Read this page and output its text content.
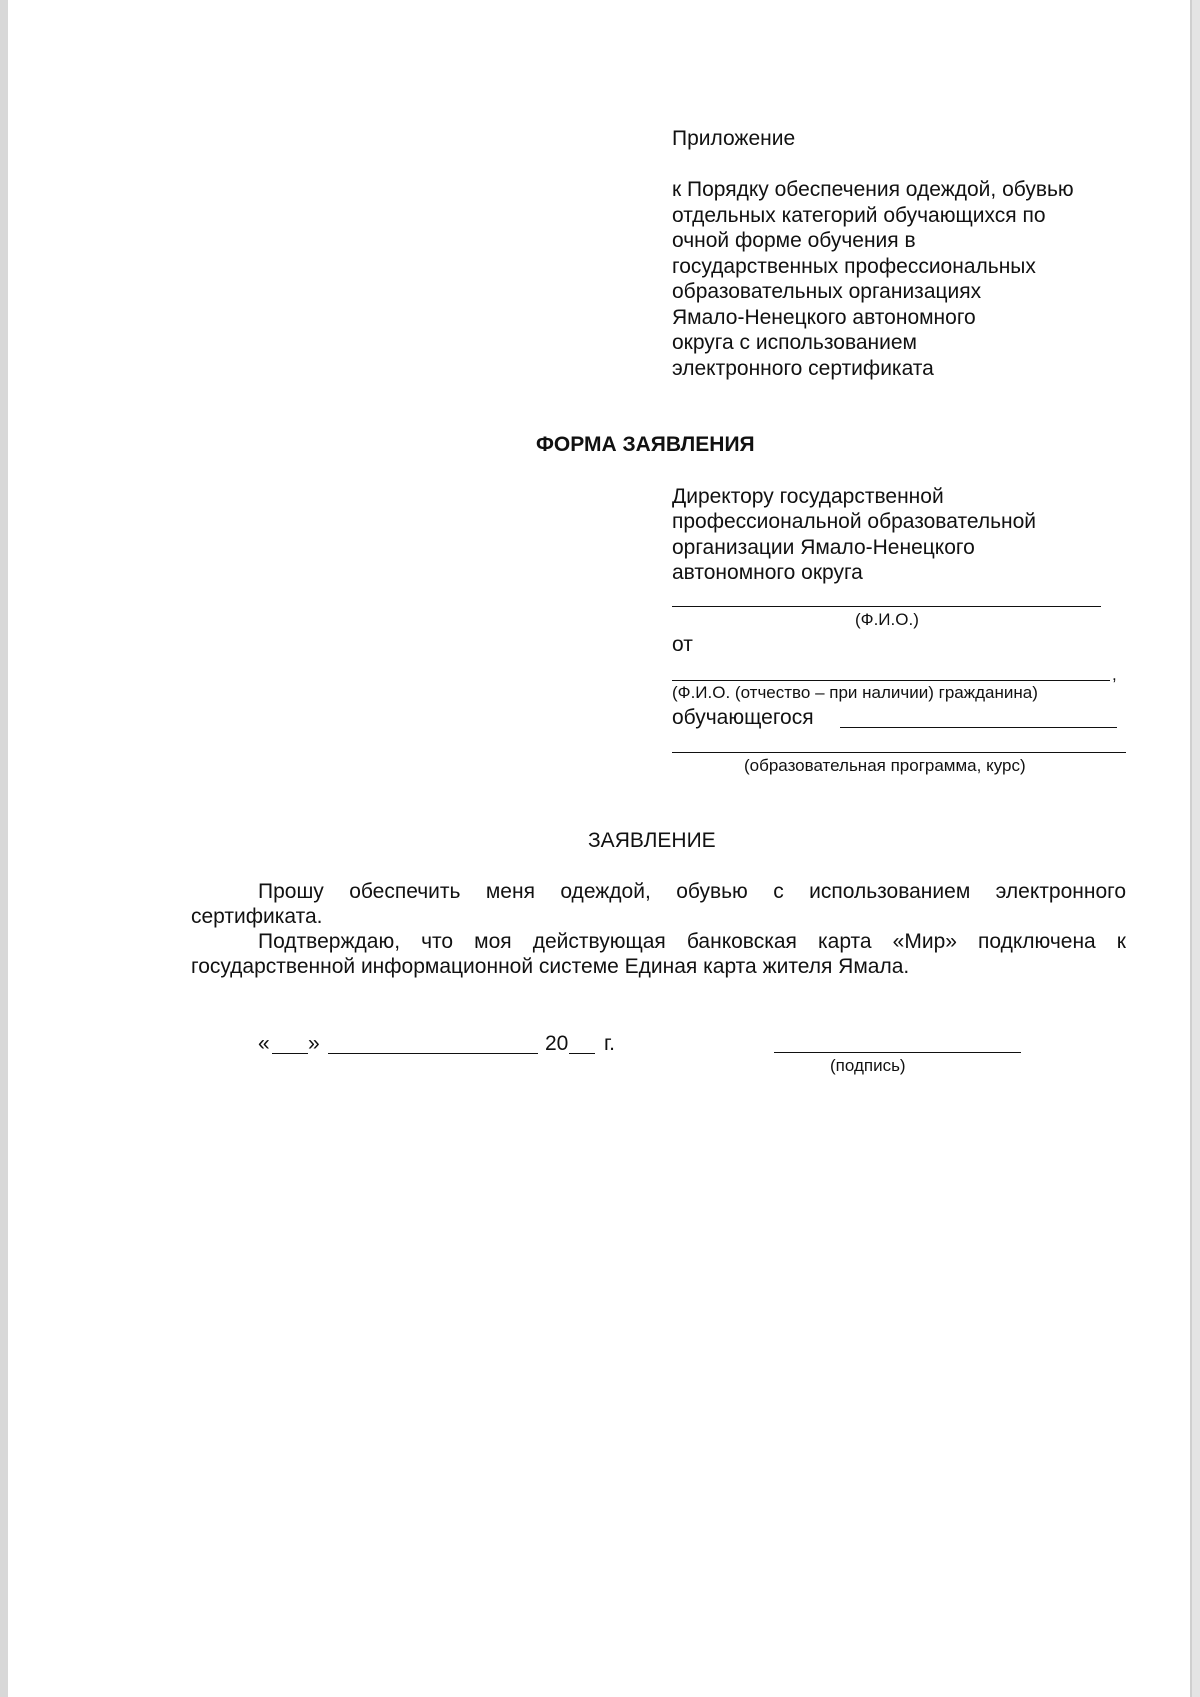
Приложение
к Порядку обеспечения одеждой, обувью
отдельных категорий обучающихся по
очной форме обучения в
государственных профессиональных
образовательных организациях
Ямало-Ненецкого автономного
округа с использованием
электронного сертификата
ФОРМА ЗАЯВЛЕНИЯ
Директору государственной
профессиональной образовательной
организации Ямало-Ненецкого
автономного округа
(Ф.И.О.)
от
,
(Ф.И.О. (отчество – при наличии) гражданина)
обучающегося
(образовательная программа, курс)
ЗАЯВЛЕНИЕ
Прошу обеспечить меня одеждой, обувью с использованием электронного
сертификата.
Подтверждаю, что моя действующая банковская карта «Мир» подключена к
государственной информационной системе Единая карта жителя Ямала.
« »	20 г.
(подпись)
